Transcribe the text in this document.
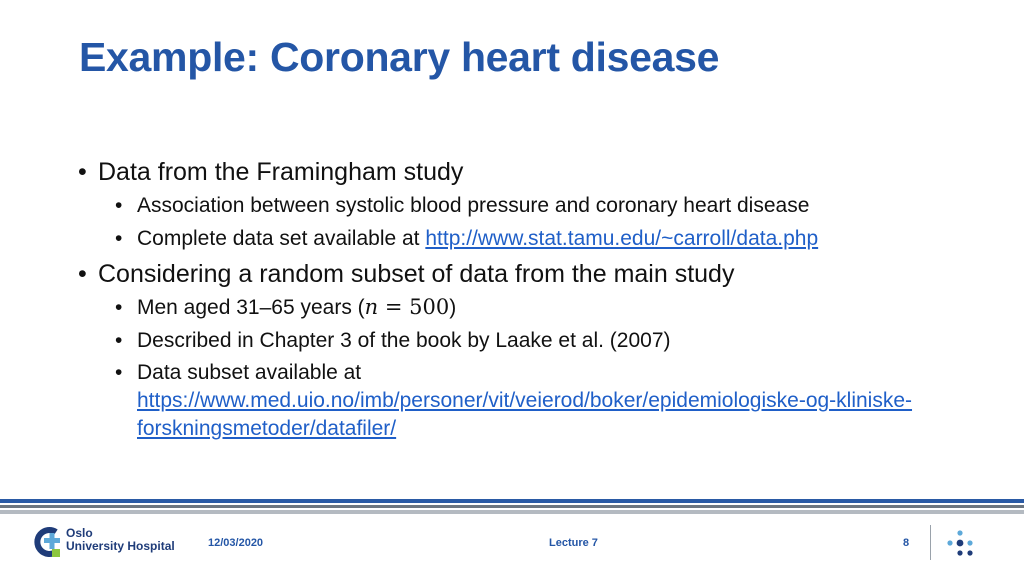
Example: Coronary heart disease
• Data from the Framingham study
• Association between systolic blood pressure and coronary heart disease
• Complete data set available at http://www.stat.tamu.edu/~carroll/data.php
• Considering a random subset of data from the main study
• Men aged 31–65 years (n = 500)
• Described in Chapter 3 of the book by Laake et al. (2007)
• Data subset available at
https://www.med.uio.no/imb/personer/vit/veierod/boker/epidemiologiske-og-kliniske-forskningsmetoder/datafiler/
Oslo
University Hospital	12/03/2020	Lecture 7	8
